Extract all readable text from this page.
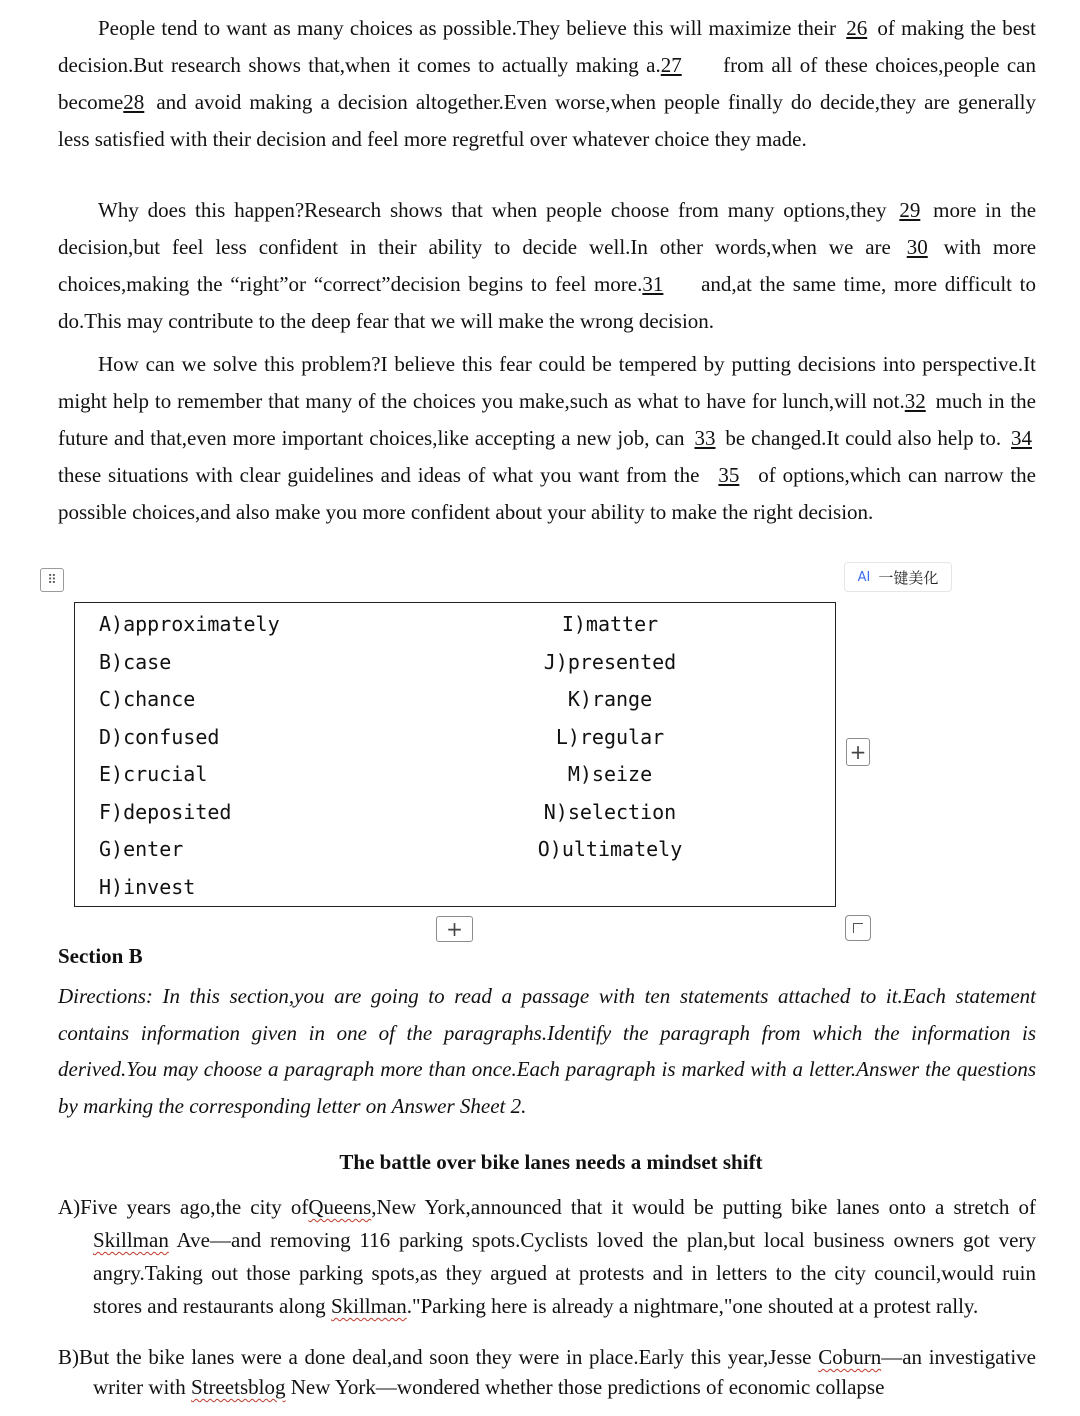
People tend to want as many choices as possible.They believe this will maximize their 26 of making the best decision.But research shows that,when it comes to actually making a.27 from all of these choices,people can become28 and avoid making a decision altogether.Even worse,when people finally do decide,they are generally less satisfied with their decision and feel more regretful over whatever choice they made.

Why does this happen?Research shows that when people choose from many options,they 29 more in the decision,but feel less confident in their ability to decide well.In other words,when we are 30 with more choices,making the “right”or “correct”decision begins to feel more.31 and,at the same time, more difficult to do.This may contribute to the deep fear that we will make the wrong decision.

How can we solve this problem?I believe this fear could be tempered by putting decisions into perspective.It might help to remember that many of the choices you make,such as what to have for lunch,will not.32 much in the future and that,even more important choices,like accepting a new job, can 33 be changed.It could also help to. 34 these situations with clear guidelines and ideas of what you want from the 35 of options,which can narrow the possible choices,and also make you more confident about your ability to make the right decision.

⠿	AI 一键美化
A)approximately
B)case
C)chance
D)confused
E)crucial
F)deposited
G)enter
H)invest
I)matter
J)presented
K)range
L)regular
M)seize
N)selection
O)ultimately
+
+
Section B
Directions: In this section,you are going to read a passage with ten statements attached to it.Each statement contains information given in one of the paragraphs.Identify the paragraph from which the information is derived.You may choose a paragraph more than once.Each paragraph is marked with a letter.Answer the questions by marking the corresponding letter on Answer Sheet 2.
The battle over bike lanes needs a mindset shift
A)Five years ago,the city ofQueens,New York,announced that it would be putting bike lanes onto a stretch of Skillman Ave—and removing 116 parking spots.Cyclists loved the plan,but local business owners got very angry.Taking out those parking spots,as they argued at protests and in letters to the city council,would ruin stores and restaurants along Skillman."Parking here is already a nightmare,"one shouted at a protest rally.
B)But the bike lanes were a done deal,and soon they were in place.Early this year,Jesse Coburn—an investigative writer with Streetsblog New York—wondered whether those predictions of economic collapse
